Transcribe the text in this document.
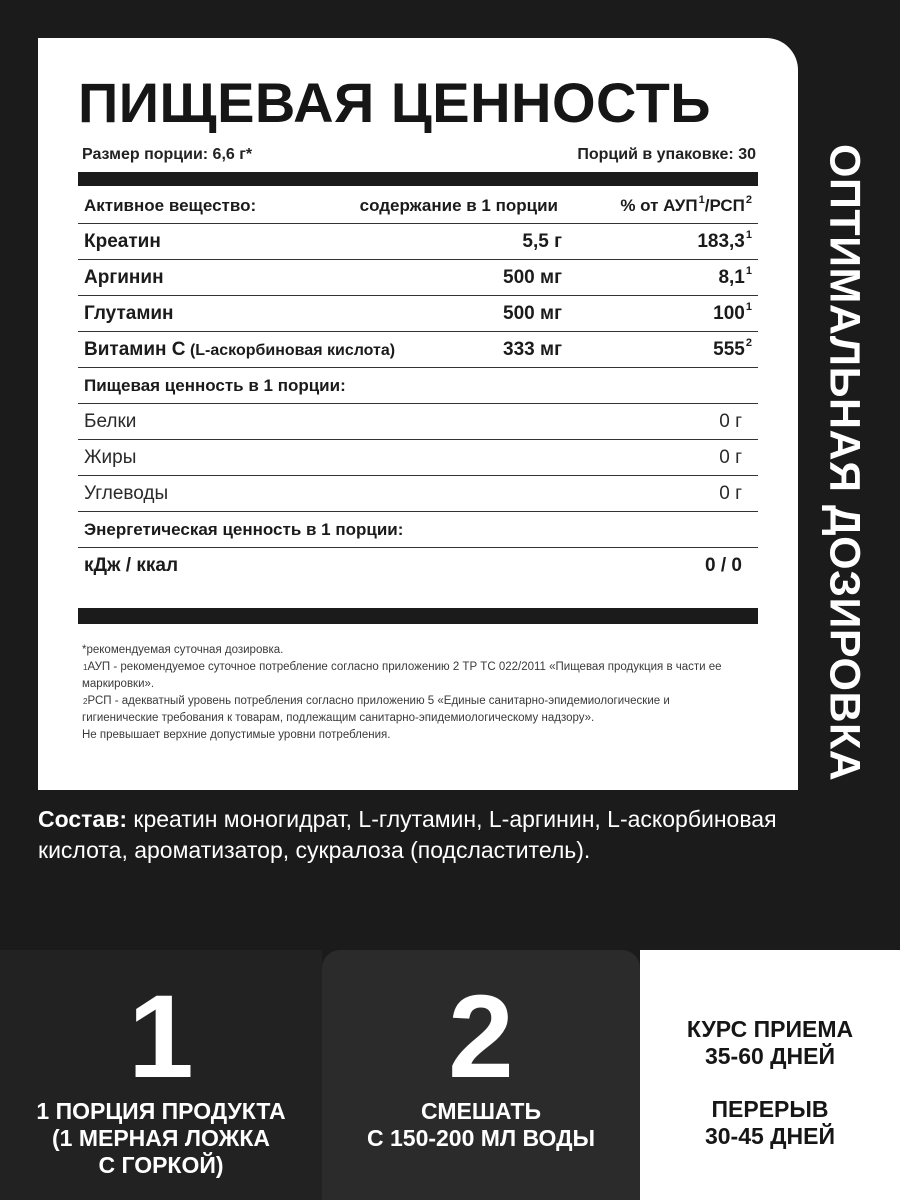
ПИЩЕВАЯ ЦЕННОСТЬ
Размер порции: 6,6 г*	Порций в упаковке: 30
Активное вещество:	содержание в 1 порции	% от АУП$^1$/РСП$^2$
Креатин	5,5 г	183,3$^1$
Аргинин	500 мг	$8,1^1$
Глутамин	500 мг	$100^1$
Витамин С (L-аскорбиновая кислота)	333 мг	$555^2$
Пищевая ценность в 1 порции:
Белки	0 г
Жиры	0 г
Углеводы	0 г
Энергетическая ценность в 1 порции:
кДж / ккал	0 / 0

*рекомендуемая суточная дозировка.

$^1$АУП - рекомендуемое суточное потребление согласно приложению 2 ТР ТС 022/2011 «Пищевая продукция в части ее маркировки».

$^2$РСП - адекватный уровень потребления согласно приложению 5 «Единые санитарно-эпидемиологические и гигиенические требования к товарам, подлежащим санитарно-эпидемиологическому надзору».

Не превышает верхние допустимые уровни потребления.	ОПТИМАЛЬНАЯ ДОЗИРОВКА
Состав: креатин моногидрат, L-глутамин, L-аргинин, L-аскорбиновая кислота, ароматизатор, сукралоза (подсластитель).
1
1 ПОРЦИЯ ПРОДУКТА
(1 МЕРНАЯ ЛОЖКА
С ГОРКОЙ)
2
СМЕШАТЬ
С 150-200 МЛ ВОДЫ
КУРС ПРИЕМА
35-60 ДНЕЙ
ПЕРЕРЫВ
30-45 ДНЕЙ
